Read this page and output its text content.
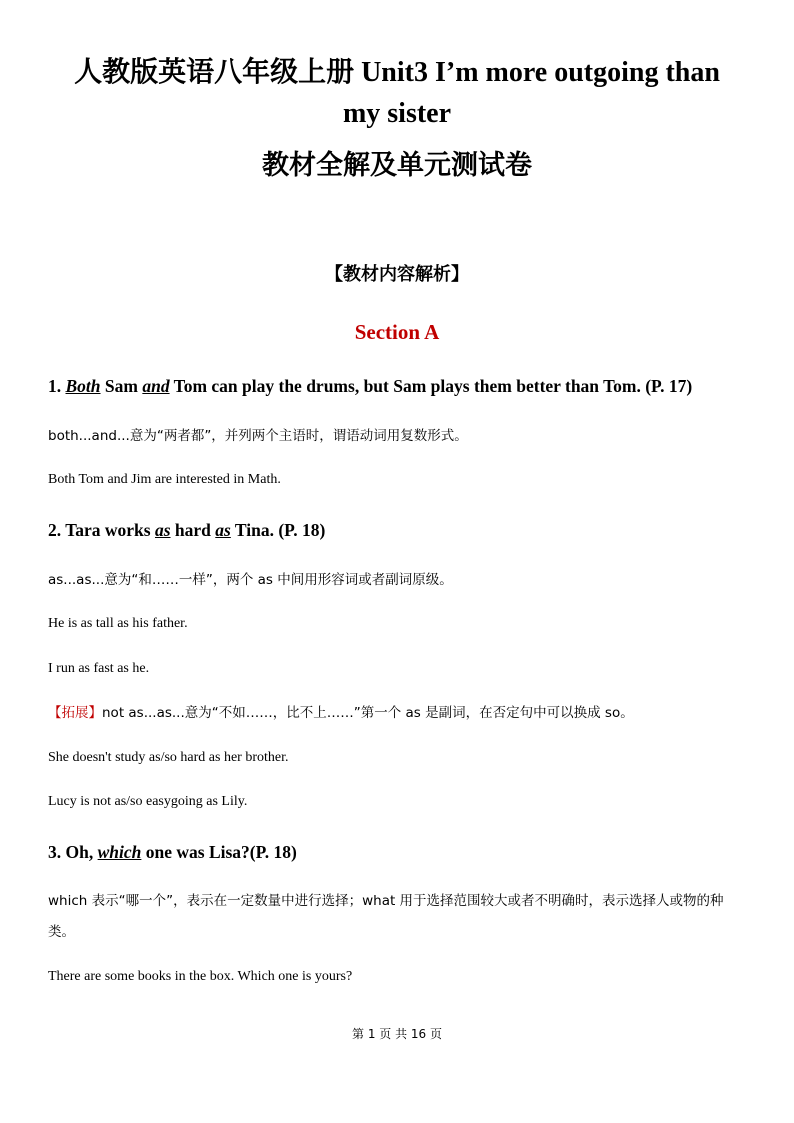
人教版英语八年级上册 Unit3 I’m more outgoing than
my sister
教材全解及单元测试卷
【教材内容解析】
Section A
1. Both Sam and Tom can play the drums, but Sam plays them better than Tom. (P. 17)
both...and...意为“两者都”，并列两个主语时，谓语动词用复数形式。
Both Tom and Jim are interested in Math.
2. Tara works as hard as Tina. (P. 18)
as...as...意为“和……一样”，两个 as 中间用形容词或者副词原级。
He is as tall as his father.
I run as fast as he.
【拓展】not as...as...意为“不如……，比不上……”第一个 as 是副词，在否定句中可以换成 so。
She doesn't study as/so hard as her brother.
Lucy is not as/so easygoing as Lily.
3. Oh, which one was Lisa?(P. 18)
which 表示“哪一个”，表示在一定数量中进行选择；what 用于选择范围较大或者不明确时，表示选择人或物的种类。
There are some books in the box. Which one is yours?
第 1 页 共 16 页
